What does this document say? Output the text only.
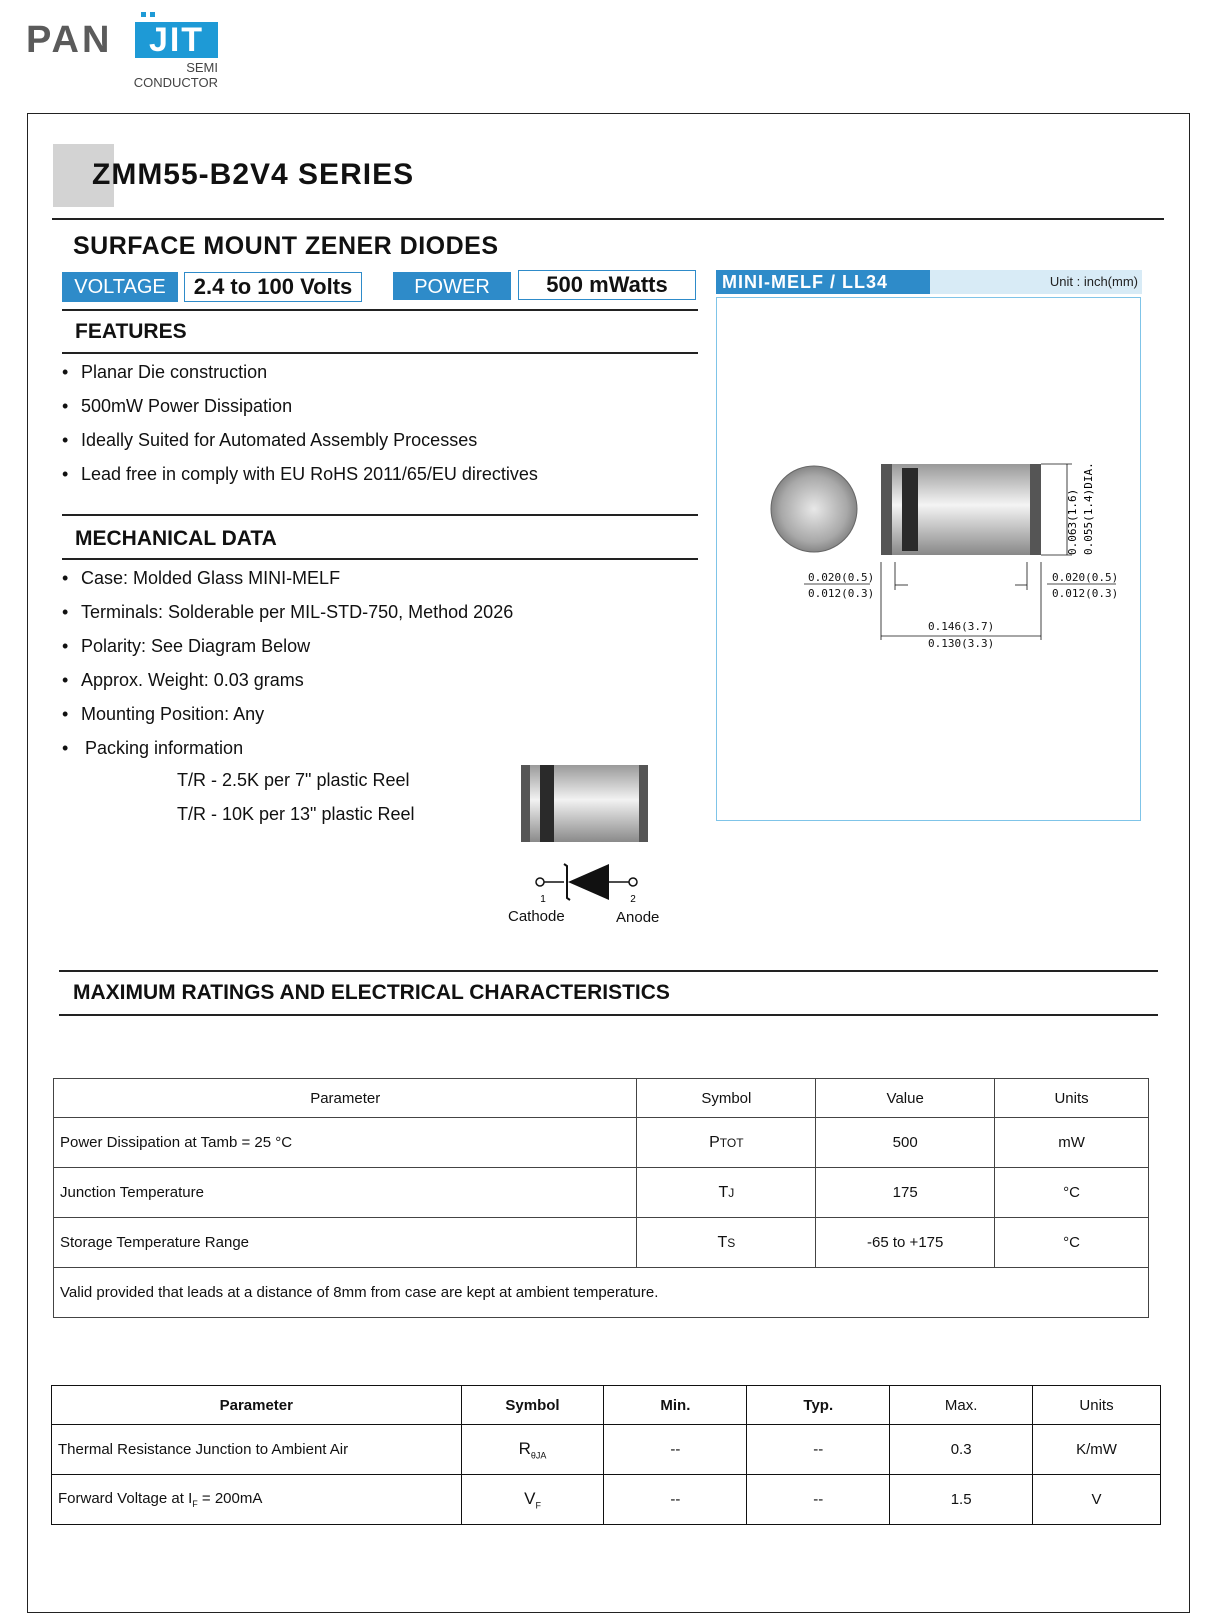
PAN	JIT
SEMI
CONDUCTOR
ZMM55-B2V4 SERIES
SURFACE MOUNT ZENER DIODES
VOLTAGE	2.4 to 100 Volts	POWER	500 mWatts
FEATURES
• Planar Die construction
• 500mW Power Dissipation
• Ideally Suited for Automated Assembly Processes
• Lead free in comply with EU RoHS 2011/65/EU directives
MECHANICAL DATA
• Case: Molded Glass MINI-MELF
• Terminals: Solderable per MIL-STD-750, Method 2026
• Polarity: See Diagram Below
• Approx. Weight: 0.03 grams
• Mounting Position: Any
• Packing information
T/R - 2.5K per 7" plastic Reel
T/R - 10K per 13" plastic Reel
1	2
Cathode	Anode
MINI-MELF / LL34	Unit : inch(mm)
0.063(1.6) 0.055(1.4)DIA.
0.020(0.5)
0.012(0.3)
0.020(0.5)
0.012(0.3)
0.146(3.7)
0.130(3.3)
MAXIMUM RATINGS AND ELECTRICAL CHARACTERISTICS
Parameter	Symbol	Value	Units
Power Dissipation at Tamb = 25 °C	PTOT	500	mW
Junction Temperature	TJ	175	°C
Storage Temperature Range	TS	-65 to +175	°C
Valid provided that leads at a distance of 8mm from case are kept at ambient temperature.			
Parameter	Symbol	Min.	Typ.	Max.	Units
Thermal Resistance Junction to Ambient Air	$R_{\theta JA}$	--	--	0.3	K/mW
Forward Voltage at $I_F = 200mA$	$V_F$	--	--	1.5	V
